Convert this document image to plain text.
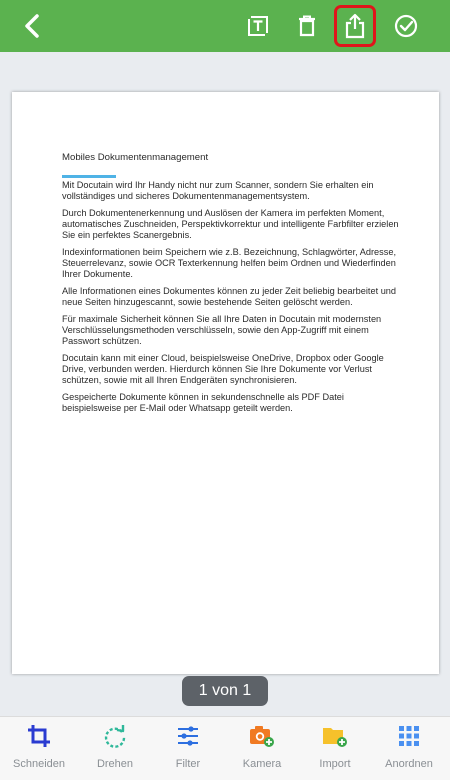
Mobiles Dokumentenmanagement

Mit Docutain wird Ihr Handy nicht nur zum Scanner, sondern Sie erhalten ein vollständiges und sicheres Dokumentenmanagementsystem.

Durch Dokumentenerkennung und Auslösen der Kamera im perfekten Moment, automatisches Zuschneiden, Perspektivkorrektur und intelligente Farbfilter erzielen Sie ein perfektes Scanergebnis.

Indexinformationen beim Speichern wie z.B. Bezeichnung, Schlagwörter, Adresse, Steuerrelevanz, sowie OCR Texterkennung helfen beim Ordnen und Wiederfinden Ihrer Dokumente.

Alle Informationen eines Dokumentes können zu jeder Zeit beliebig bearbeitet und neue Seiten hinzugescannt, sowie bestehende Seiten gelöscht werden.

Für maximale Sicherheit können Sie all Ihre Daten in Docutain mit modernsten Verschlüsselungsmethoden verschlüsseln, sowie den App-Zugriff mit einem Passwort schützen.

Docutain kann mit einer Cloud, beispielsweise OneDrive, Dropbox oder Google Drive, verbunden werden. Hierdurch können Sie Ihre Dokumente vor Verlust schützen, sowie mit all Ihren Endgeräten synchronisieren.

Gespeicherte Dokumente können in sekundenschnelle als PDF Datei beispielsweise per E-Mail oder Whatsapp geteilt werden.

1 von 1
Schneiden	Drehen	Filter	Kamera	Import	Anordnen
